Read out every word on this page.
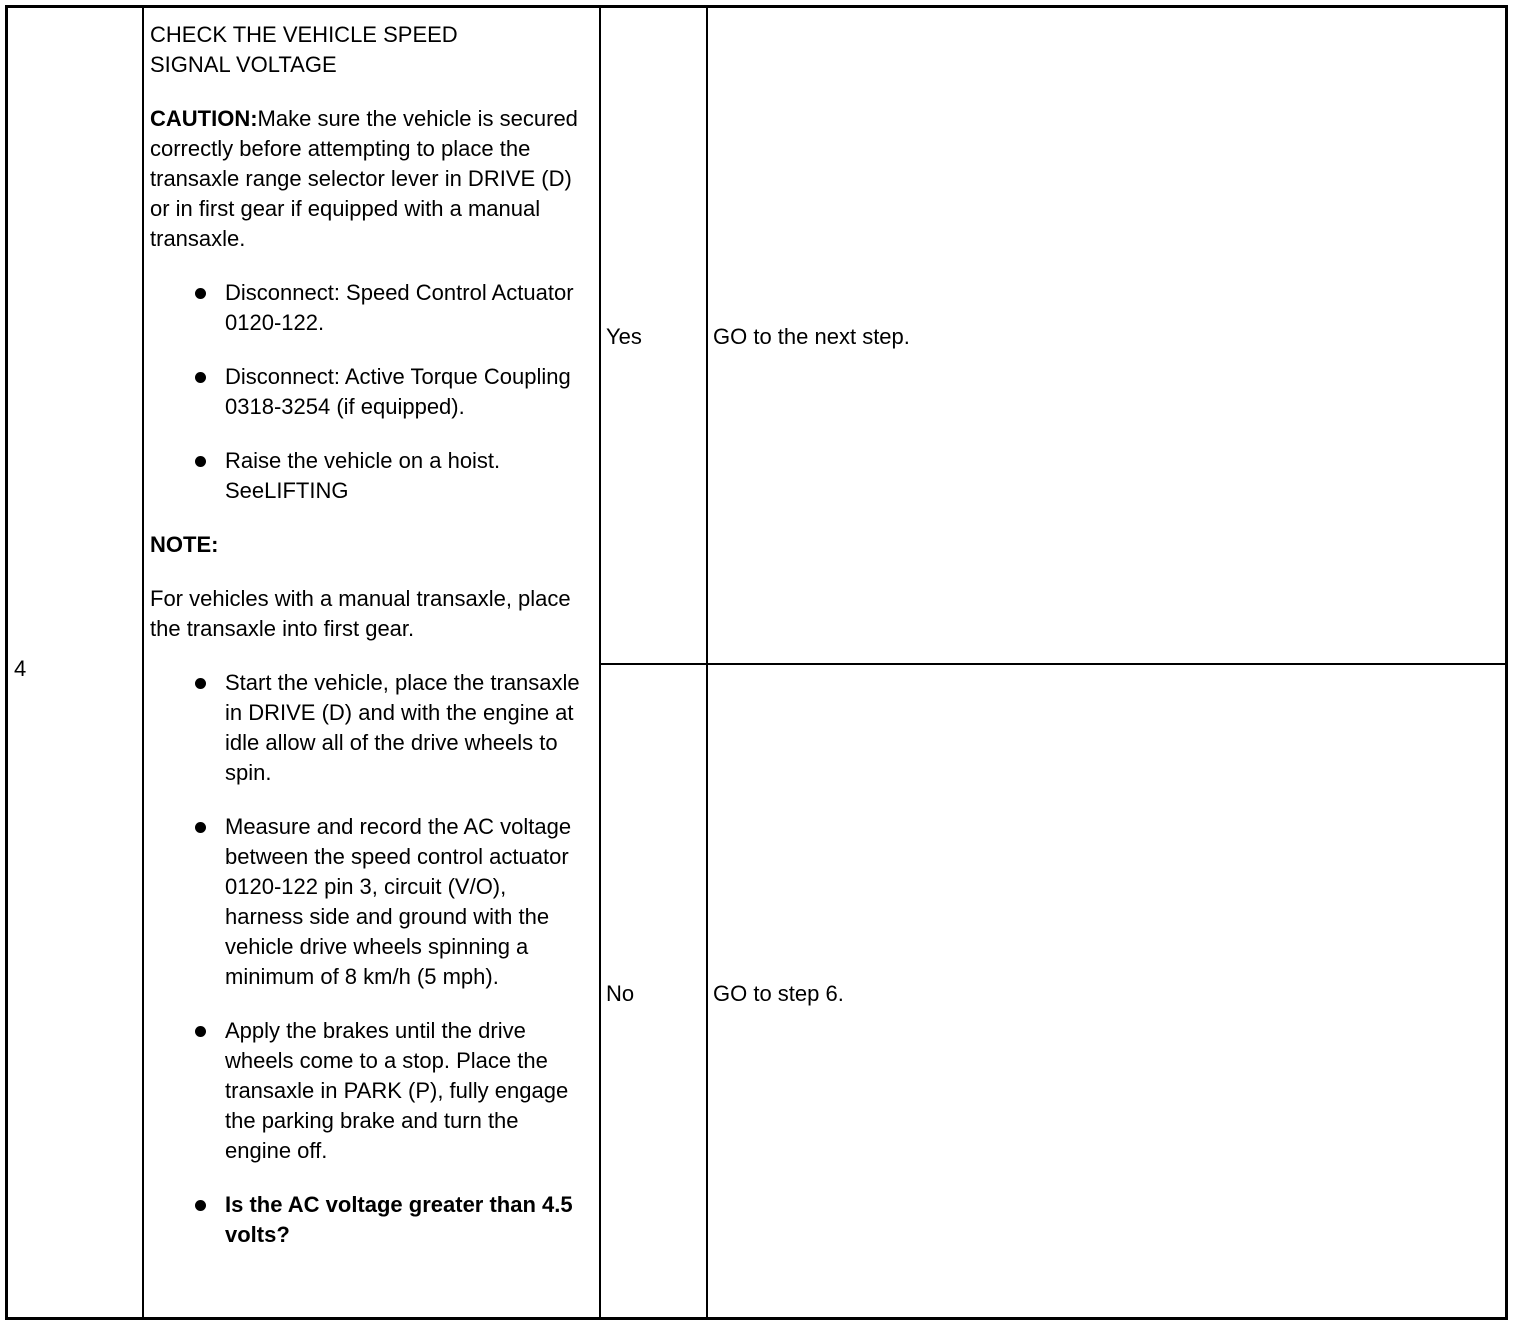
4

CHECK THE VEHICLE SPEED
SIGNAL VOLTAGE

CAUTION:Make sure the vehicle is secured correctly before attempting to place the transaxle range selector lever in DRIVE (D) or in first gear if equipped with a manual transaxle.

Disconnect: Speed Control Actuator 0120-122.
Disconnect: Active Torque Coupling 0318-3254 (if equipped).
Raise the vehicle on a hoist. SeeLIFTING

NOTE:

For vehicles with a manual transaxle, place the transaxle into first gear.

Start the vehicle, place the transaxle in DRIVE (D) and with the engine at idle allow all of the drive wheels to spin.
Measure and record the AC voltage between the speed control actuator 0120-122 pin 3, circuit (V/O), harness side and ground with the vehicle drive wheels spinning a minimum of 8 km/h (5 mph).
Apply the brakes until the drive wheels come to a stop. Place the transaxle in PARK (P), fully engage the parking brake and turn the engine off.
Is the AC voltage greater than 4.5 volts?
Yes	GO to the next step.
No	GO to step 6.
